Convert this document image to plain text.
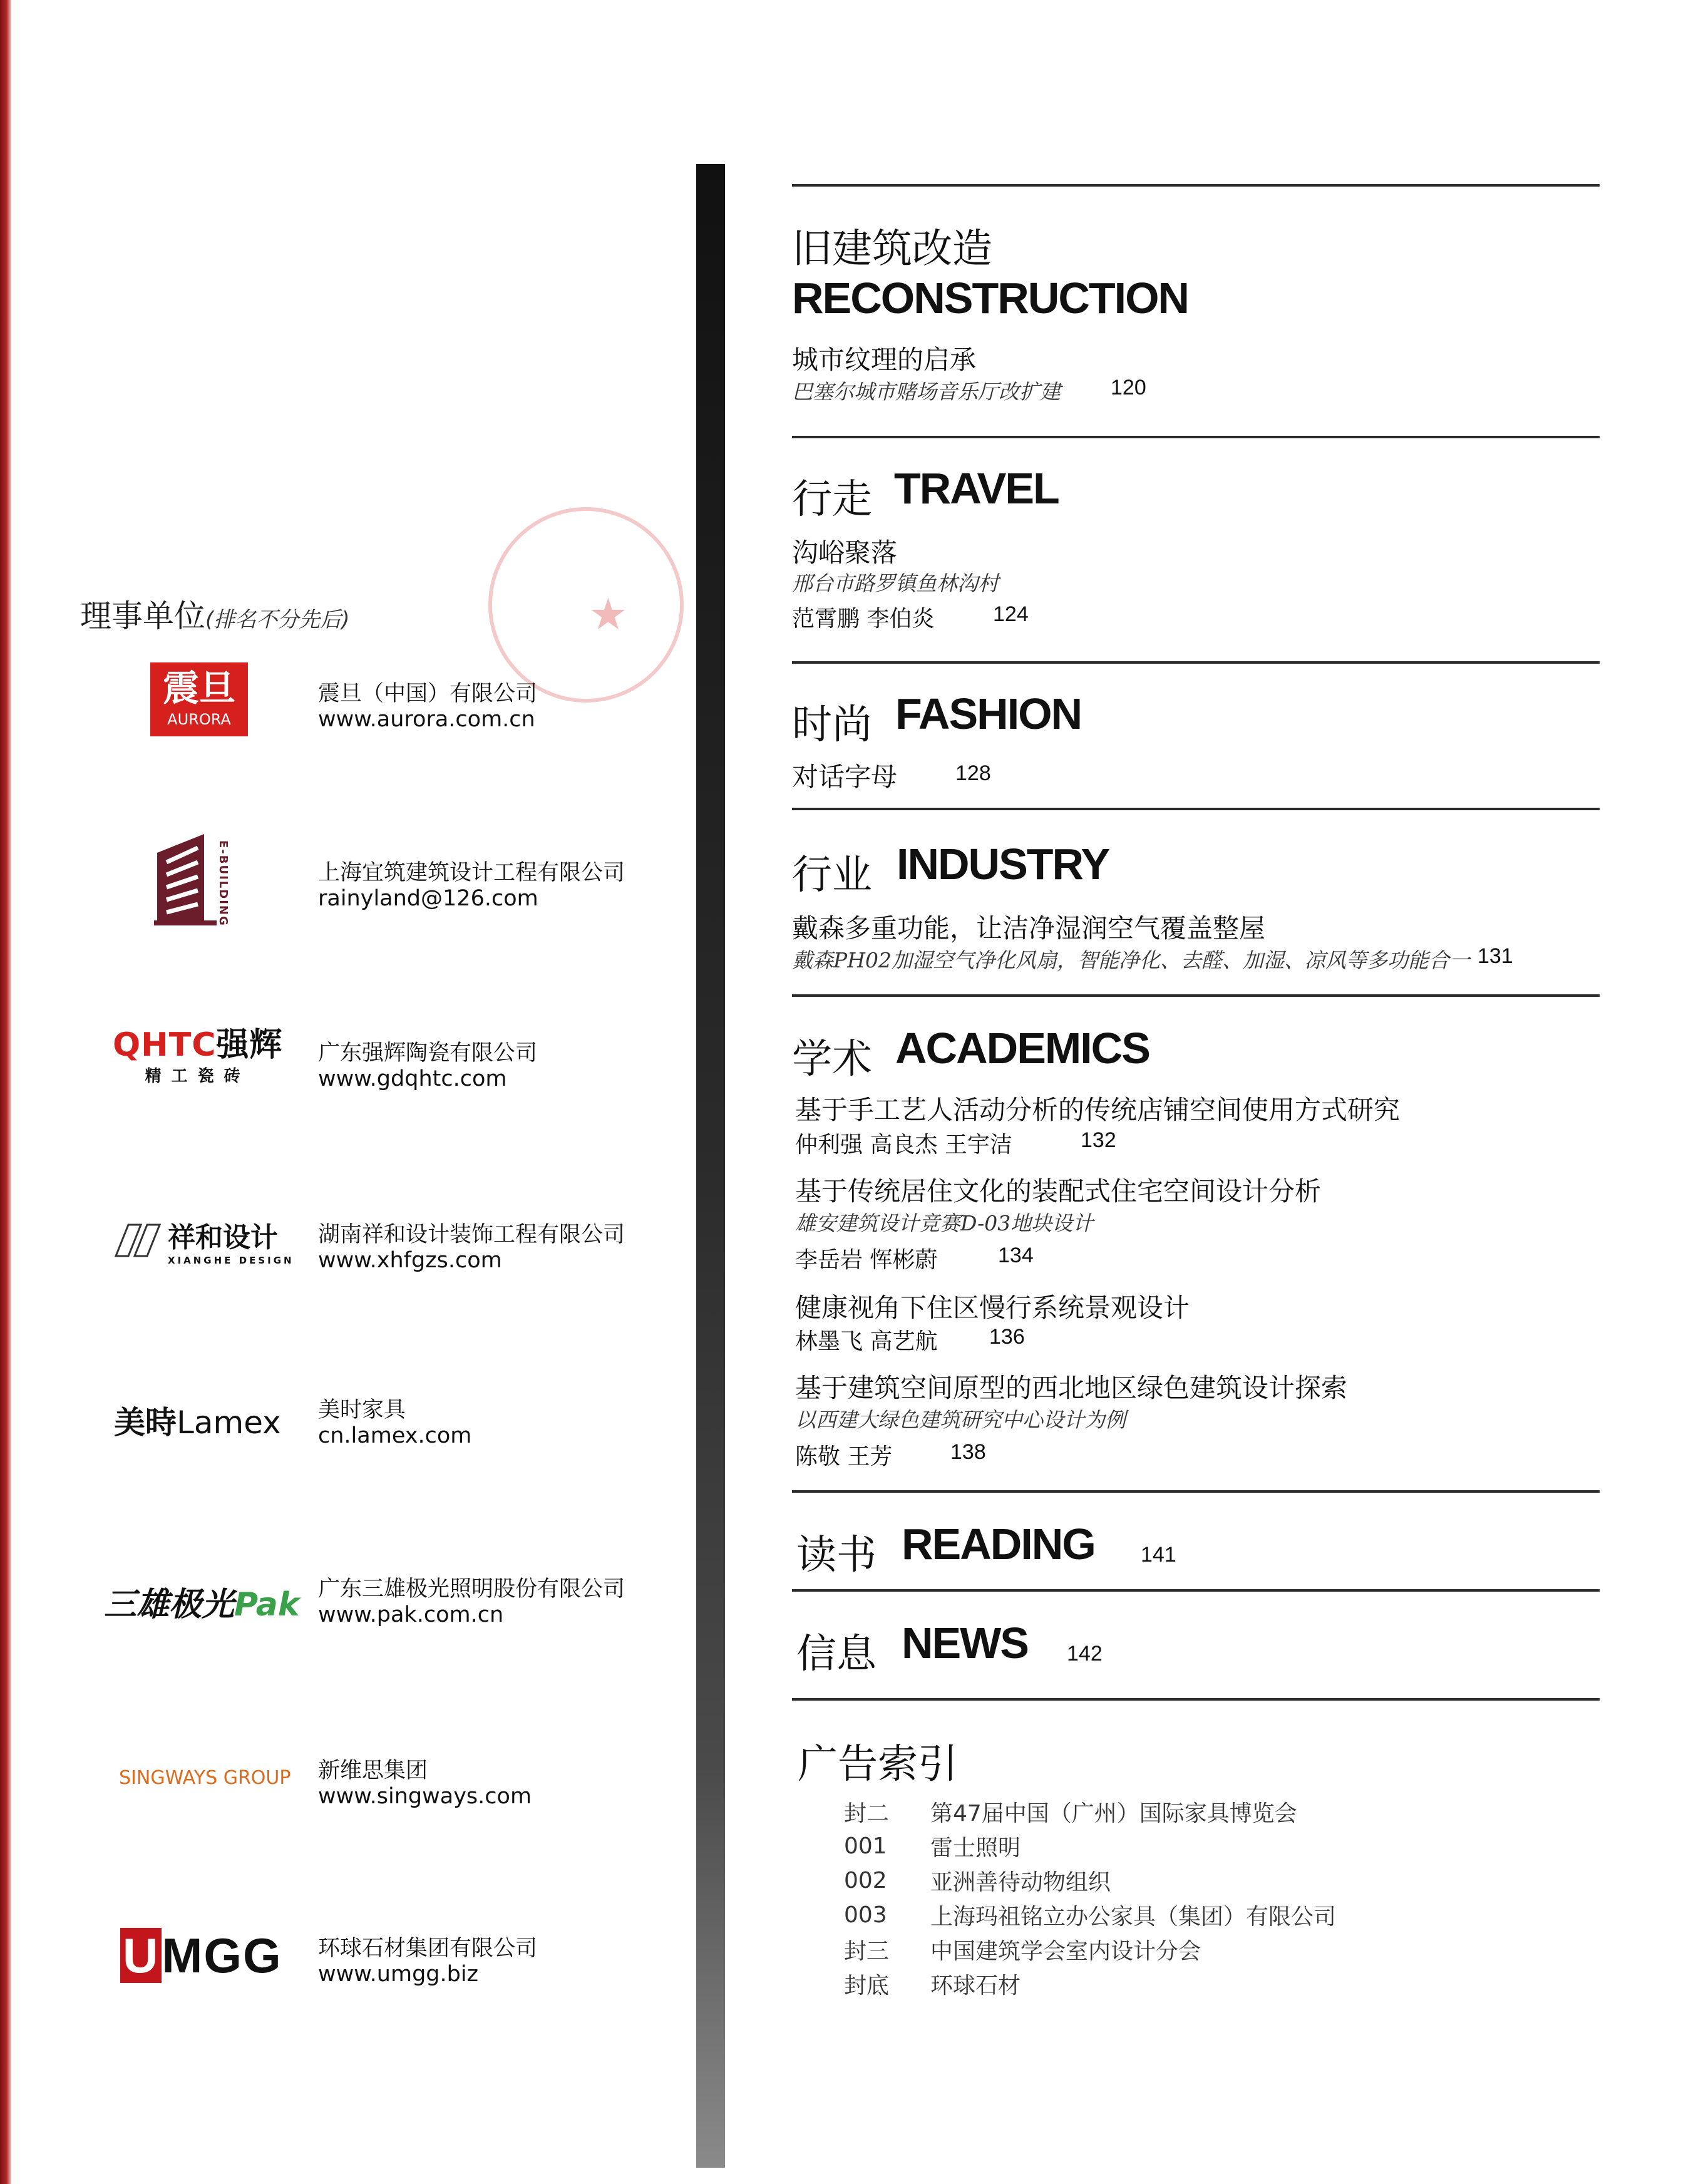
★
理事单位(排名不分先后)
震旦
AURORA
震旦（中国）有限公司
www.aurora.com.cn
E-BUILDING	上海宜筑建筑设计工程有限公司
rainyland@126.com
QHTC强辉
精工瓷砖
广东强辉陶瓷有限公司
www.gdqhtc.com
祥和设计
XIANGHE DESIGN
湖南祥和设计装饰工程有限公司
www.xhfgzs.com
美時Lamex 美时家具
cn.lamex.com
三雄极光Pak 广东三雄极光照明股份有限公司
www.pak.com.cn
SINGWAYS GROUP 新维思集团
www.singways.com
UMGG 环球石材集团有限公司
www.umgg.biz
旧建筑改造
RECONSTRUCTION
城市纹理的启承
巴塞尔城市赌场音乐厅改扩建 120
行走 TRAVEL
沟峪聚落
邢台市路罗镇鱼林沟村
范霄鹏 李伯炎	124
时尚 FASHION
对话字母	128
行业 INDUSTRY
戴森多重功能，让洁净湿润空气覆盖整屋
戴森PH02加湿空气净化风扇，智能净化、去醛、加湿、凉风等多功能合一 131
学术 ACADEMICS
基于手工艺人活动分析的传统店铺空间使用方式研究
仲利强 高良杰 王宇洁	132
基于传统居住文化的装配式住宅空间设计分析
雄安建筑设计竞赛D-03地块设计
李岳岩 恽彬蔚	134
健康视角下住区慢行系统景观设计
林墨飞 高艺航 136
基于建筑空间原型的西北地区绿色建筑设计探索
以西建大绿色建筑研究中心设计为例
陈敬 王芳	138
读书 READING 141
信息 NEWS 142
广告索引
封二	第47届中国（广州）国际家具博览会
001	雷士照明
002	亚洲善待动物组织
003	上海玛祖铭立办公家具（集团）有限公司
封三	中国建筑学会室内设计分会
封底	环球石材
